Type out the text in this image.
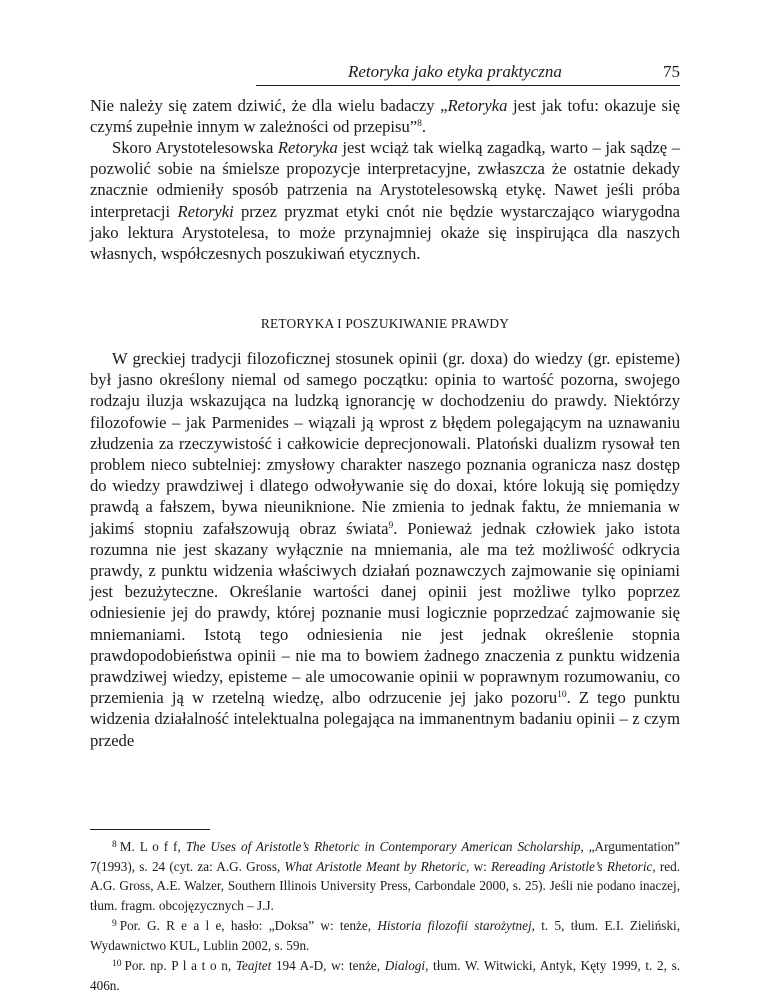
Retoryka jako etyka praktyczna	75

Nie należy się zatem dziwić, że dla wielu badaczy „Retoryka jest jak tofu: okazuje się czymś zupełnie innym w zależności od przepisu”$^8$.

Skoro Arystotelesowska Retoryka jest wciąż tak wielką zagadką, warto – jak sądzę – pozwolić sobie na śmielsze propozycje interpretacyjne, zwłaszcza że ostatnie dekady znacznie odmieniły sposób patrzenia na Arystotelesowską etykę. Nawet jeśli próba interpretacji Retoryki przez pryzmat etyki cnót nie będzie wystarczająco wiarygodna jako lektura Arystotelesa, to może przynajmniej okaże się inspirująca dla naszych własnych, współczesnych poszukiwań etycznych.

RETORYKA I POSZUKIWANIE PRAWDY

W greckiej tradycji filozoficznej stosunek opinii (gr. doxa) do wiedzy (gr. episteme) był jasno określony niemal od samego początku: opinia to wartość pozorna, swojego rodzaju iluzja wskazująca na ludzką ignorancję w dochodzeniu do prawdy. Niektórzy filozofowie – jak Parmenides – wiązali ją wprost z błędem polegającym na uznawaniu złudzenia za rzeczywistość i całkowicie deprecjonowali. Platoński dualizm rysował ten problem nieco subtelniej: zmysłowy charakter naszego poznania ogranicza nasz dostęp do wiedzy prawdziwej i dlatego odwoływanie się do doxai, które lokują się pomiędzy prawdą a fałszem, bywa nieuniknione. Nie zmienia to jednak faktu, że mniemania w jakimś stopniu zafałszowują obraz świata$^9$. Ponieważ jednak człowiek jako istota rozumna nie jest skazany wyłącznie na mniemania, ale ma też możliwość odkrycia prawdy, z punktu widzenia właściwych działań poznawczych zajmowanie się opiniami jest bezużyteczne. Określanie wartości danej opinii jest możliwe tylko poprzez odniesienie jej do prawdy, której poznanie musi logicznie poprzedzać zajmowanie się mniemaniami. Istotą tego odniesienia nie jest jednak określenie stopnia prawdopodobieństwa opinii – nie ma to bowiem żadnego znaczenia z punktu widzenia prawdziwej wiedzy, episteme – ale umocowanie opinii w poprawnym rozumowaniu, co przemienia ją w rzetelną wiedzę, albo odrzucenie jej jako pozoru$^{10}$. Z tego punktu widzenia działalność intelektualna polegająca na immanentnym badaniu opinii – z czym przede

$^8$ M. L o f f, The Uses of Aristotle’s Rhetoric in Contemporary American Scholarship, „Argumentation” 7(1993), s. 24 (cyt. za: A.G. Gross, What Aristotle Meant by Rhetoric, w: Rereading Aristotle’s Rhetoric, red. A.G. Gross, A.E. Walzer, Southern Illinois University Press, Carbondale 2000, s. 25). Jeśli nie podano inaczej, tłum. fragm. obcojęzycznych – J.J.

$^9$ Por. G. R e a l e, hasło: „Doksa” w: tenże, Historia filozofii starożytnej, t. 5, tłum. E.I. Zieliński, Wydawnictwo KUL, Lublin 2002, s. 59n.

$^{10}$ Por. np. P l a t o n, Teajtet 194 A-D, w: tenże, Dialogi, tłum. W. Witwicki, Antyk, Kęty 1999, t. 2, s. 406n.
